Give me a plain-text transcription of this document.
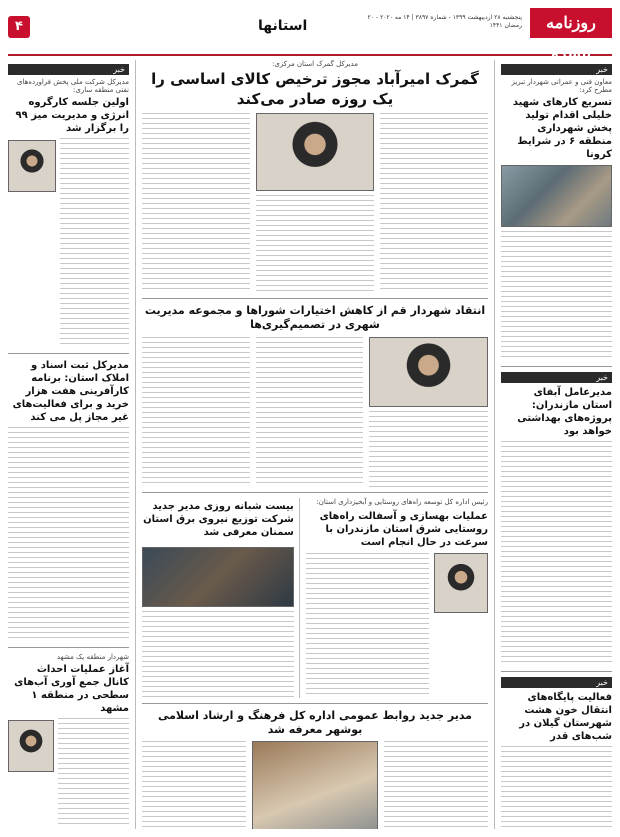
۴	استانها
پنجشنبه ۲۸ اردیبهشت ۱۳۹۹ - شماره ۳۸۹۷ | ۱۴ مه ۲۰۲۰ - ۲۰ رمضان ۱۴۴۱	روزنامه پیشرو
خبر
معاون فنی و عمرانی شهردار تبریز مطرح کرد:
تسریع کارهای شهید خلیلی اقدام تولید پخش شهرداری منطقه ۶ در شرایط کرونا
خبر
مدیرعامل آبفای استان مازندران: پروژه‌های بهداشتی خواهد بود
خبر
فعالیت پایگاه‌های انتقال خون هشت شهرستان گیلان در شب‌های قدر
خبر
مدیرکل شرکت ملی پخش فراورده‌های نفتی منطقه ساری:
اولین جلسه کارگروه انرژی و مدیریت میز ۹۹ را برگزار شد
مدیرکل ثبت اسناد و املاک استان: برنامه کارآفرینی هفت هزار خرید و برای فعالیت‌های غیر مجاز پل می کند
شهردار منطقه یک مشهد
آغاز عملیات احداث کانال جمع آوری آب‌های سطحی در منطقه ۱ مشهد
مدیرکل گمرک استان مرکزی:
گمرک امیرآباد مجوز ترخیص کالای اساسی را یک روزه صادر می‌کند
انتقاد شهردار قم از کاهش اختیارات شوراها و مجموعه مدیریت شهری در تصمیم‌گیری‌ها
رئیس اداره کل توسعه راه‌های روستایی و آبخیزداری استان:
عملیات بهسازی و آسفالت راه‌های روستایی شرق استان مازندران با سرعت در حال انجام است
بیست شبانه روزی مدیر جدید شرکت توزیع نیروی برق استان سمنان معرفی شد
مدیر جدید روابط عمومی اداره کل فرهنگ و ارشاد اسلامی بوشهر معرفه شد
